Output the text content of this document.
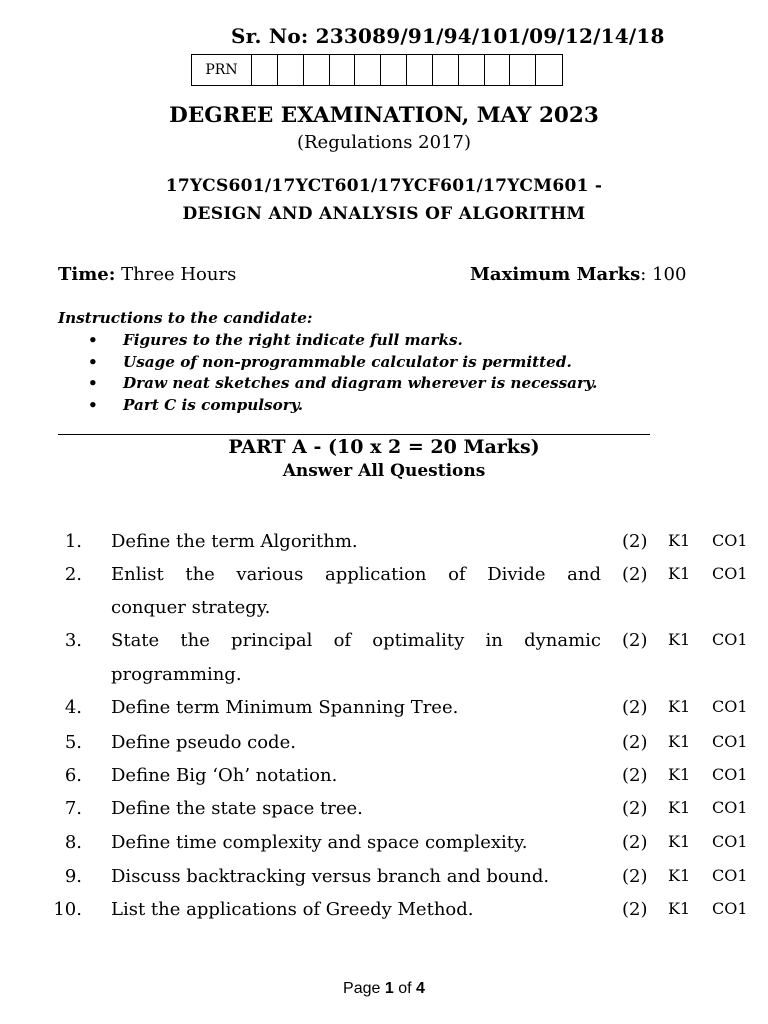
Sr. No: 233089/91/94/101/09/12/14/18
PRN
DEGREE EXAMINATION, MAY 2023
(Regulations 2017)
17YCS601/17YCT601/17YCF601/17YCM601 -
DESIGN AND ANALYSIS OF ALGORITHM
Time: Three Hours	Maximum Marks: 100
Instructions to the candidate:
• Figures to the right indicate full marks.
• Usage of non-programmable calculator is permitted.
• Draw neat sketches and diagram wherever is necessary.
• Part C is compulsory.
PART A - (10 x 2 = 20 Marks)
Answer All Questions
1. Define the term Algorithm.	(2) K1 CO1
2. Enlist the various application of Divide and (2) K1 CO1
conquer strategy.
3. State the principal of optimality in dynamic (2) K1 CO1
programming.
4. Define term Minimum Spanning Tree.	(2) K1 CO1
5. Define pseudo code.	(2) K1 CO1
6. Define Big ‘Oh’ notation.	(2) K1 CO1
7. Define the state space tree.	(2) K1 CO1
8. Define time complexity and space complexity.	(2) K1 CO1
9. Discuss backtracking versus branch and bound.	(2) K1 CO1
10. List the applications of Greedy Method.	(2) K1 CO1
Page 1 of 4
